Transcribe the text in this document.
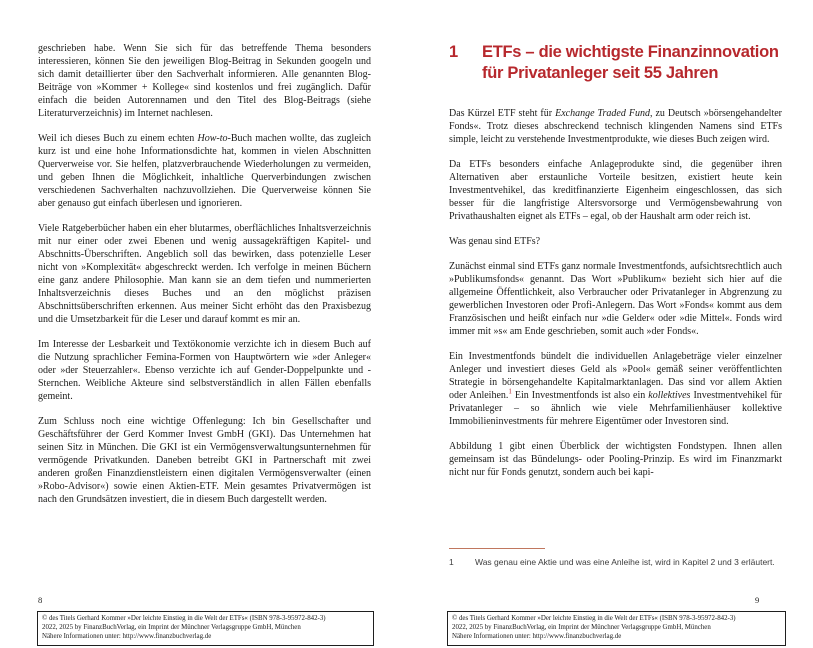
geschrieben habe. Wenn Sie sich für das betreffende Thema besonders interessieren, können Sie den jeweiligen Blog-Beitrag in Sekunden googeln und sich damit detaillierter über den Sachverhalt informieren. Alle genannten Blog-Beiträge von »Kommer + Kollege« sind kostenlos und frei zugänglich. Dafür einfach die beiden Autorennamen und den Titel des Blog-Beitrags (siehe Literaturverzeichnis) im Internet nachlesen.

Weil ich dieses Buch zu einem echten How-to-Buch machen wollte, das zugleich kurz ist und eine hohe Informationsdichte hat, kommen in vielen Abschnitten Querverweise vor. Sie helfen, platzverbrauchende Wiederholungen zu vermeiden, und geben Ihnen die Möglichkeit, inhaltliche Querverbindungen zwischen verschiedenen Sachverhalten nachzuvollziehen. Die Querverweise können Sie aber genauso gut einfach überlesen und ignorieren.

Viele Ratgeberbücher haben ein eher blutarmes, oberflächliches Inhaltsverzeichnis mit nur einer oder zwei Ebenen und wenig aussagekräftigen Kapitel- und Abschnitts-Überschriften. Angeblich soll das bewirken, dass potenzielle Leser nicht von »Komplexität« abgeschreckt werden. Ich verfolge in meinen Büchern eine ganz andere Philosophie. Man kann sie an dem tiefen und nummerierten Inhaltsverzeichnis dieses Buches und an den möglichst präzisen Abschnittsüberschriften erkennen. Aus meiner Sicht erhöht das den Praxisbezug und die Umsetzbarkeit für die Leser und darauf kommt es mir an.

Im Interesse der Lesbarkeit und Textökonomie verzichte ich in diesem Buch auf die Nutzung sprachlicher Femina-Formen von Hauptwörtern wie »der Anleger« oder »der Steuerzahler«. Ebenso verzichte ich auf Gender-Doppelpunkte und -Sternchen. Weibliche Akteure sind selbstverständlich in allen Fällen ebenfalls gemeint.

Zum Schluss noch eine wichtige Offenlegung: Ich bin Gesellschafter und Geschäftsführer der Gerd Kommer Invest GmbH (GKI). Das Unternehmen hat seinen Sitz in München. Die GKI ist ein Vermögensverwaltungsunternehmen für vermögende Privatkunden. Daneben betreibt GKI in Partnerschaft mit zwei anderen großen Finanzdienstleistern einen digitalen Vermögensverwalter (einen »Robo-Advisor«) sowie einen Aktien-ETF. Mein gesamtes Privatvermögen ist nach den Grundsätzen investiert, die in diesem Buch dargestellt werden.

1	ETFs – die wichtigste Finanzinnovation für Privatanleger seit 55 Jahren

Das Kürzel ETF steht für Exchange Traded Fund, zu Deutsch »börsengehandelter Fonds«. Trotz dieses abschreckend technisch klingenden Namens sind ETFs simple, leicht zu verstehende Investmentprodukte, wie dieses Buch zeigen wird.

Da ETFs besonders einfache Anlageprodukte sind, die gegenüber ihren Alternativen aber erstaunliche Vorteile besitzen, existiert heute kein Investmentvehikel, das kreditfinanzierte Eigenheim eingeschlossen, das sich besser für die langfristige Altersvorsorge und Vermögensbewahrung von Privathaushalten eignet als ETFs – egal, ob der Haushalt arm oder reich ist.

Was genau sind ETFs?

Zunächst einmal sind ETFs ganz normale Investmentfonds, aufsichtsrechtlich auch »Publikumsfonds« genannt. Das Wort »Publikum« bezieht sich hier auf die allgemeine Öffentlichkeit, also Verbraucher oder Privatanleger in Abgrenzung zu gewerblichen Investoren oder Profi-Anlegern. Das Wort »Fonds« kommt aus dem Französischen und heißt einfach nur »die Gelder« oder »die Mittel«. Fonds wird immer mit »s« am Ende geschrieben, somit auch »der Fonds«.

Ein Investmentfonds bündelt die individuellen Anlagebeträge vieler einzelner Anleger und investiert dieses Geld als »Pool« gemäß seiner veröffentlichten Strategie in börsengehandelte Kapitalmarktanlagen. Das sind vor allem Aktien oder Anleihen.$^1$ Ein Investmentfonds ist also ein kollektives Investmentvehikel für Privatanleger – so ähnlich wie viele Mehrfamilienhäuser kollektive Immobilieninvestments für mehrere Eigentümer oder Investoren sind.

Abbildung 1 gibt einen Überblick der wichtigsten Fondstypen. Ihnen allen gemeinsam ist das Bündelungs- oder Pooling-Prinzip. Es wird im Finanzmarkt nicht nur für Fonds genutzt, sondern auch bei kapi-

1	Was genau eine Aktie und was eine Anleihe ist, wird in Kapitel 2 und 3 erläutert.
8	9
© des Titels Gerhard Kommer »Der leichte Einstieg in die Welt der ETFs« (ISBN 978-3-95972-842-3)
2022, 2025 by FinanzBuchVerlag, ein Imprint der Münchner Verlagsgruppe GmbH, München
Nähere Informationen unter: http://www.finanzbuchverlag.de
© des Titels Gerhard Kommer »Der leichte Einstieg in die Welt der ETFs« (ISBN 978-3-95972-842-3)
2022, 2025 by FinanzBuchVerlag, ein Imprint der Münchner Verlagsgruppe GmbH, München
Nähere Informationen unter: http://www.finanzbuchverlag.de
